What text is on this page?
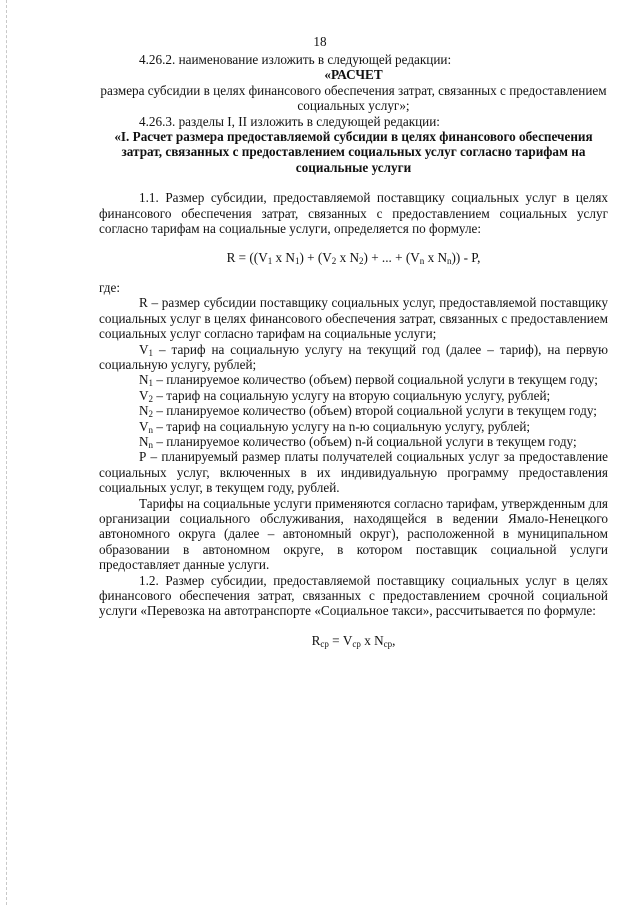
18

4.26.2. наименование изложить в следующей редакции:

«РАСЧЕТ

размера субсидии в целях финансового обеспечения затрат, связанных с предоставлением социальных услуг»;

4.26.3. разделы I, II изложить в следующей редакции:

«I. Расчет размера предоставляемой субсидии в целях финансового обеспечения затрат, связанных с предоставлением социальных услуг согласно тарифам на социальные услуги

1.1. Размер субсидии, предоставляемой поставщику социальных услуг в целях финансового обеспечения затрат, связанных с предоставлением социальных услуг согласно тарифам на социальные услуги, определяется по формуле:

$R = ((V_1$ x $N_1) + (V_2$ x $N_2$) + ... + ($V_n$ x $N_n$)) - P,

где:

R – размер субсидии поставщику социальных услуг, предоставляемой поставщику социальных услуг в целях финансового обеспечения затрат, связанных с предоставлением социальных услуг согласно тарифам на социальные услуги;

$V_1$ – тариф на социальную услугу на текущий год (далее – тариф), на первую социальную услугу, рублей;

$N_1$ – планируемое количество (объем) первой социальной услуги в текущем году;

$V_2$ – тариф на социальную услугу на вторую социальную услугу, рублей;

$N_2$ – планируемое количество (объем) второй социальной услуги в текущем году;

$V_n$ – тариф на социальную услугу на n-ю социальную услугу, рублей;

$N_n$ – планируемое количество (объем) n-й социальной услуги в текущем году;

Р – планируемый размер платы получателей социальных услуг за предоставление социальных услуг, включенных в их индивидуальную программу предоставления социальных услуг, в текущем году, рублей.

Тарифы на социальные услуги применяются согласно тарифам, утвержденным для организации социального обслуживания, находящейся в ведении Ямало-Ненецкого автономного округа (далее – автономный округ), расположенной в муниципальном образовании в автономном округе, в котором поставщик социальной услуги предоставляет данные услуги.

1.2. Размер субсидии, предоставляемой поставщику социальных услуг в целях финансового обеспечения затрат, связанных с предоставлением срочной социальной услуги «Перевозка на автотранспорте «Социальное такси», рассчитывается по формуле:

$R_{ср} = V_{ср}$ x $N_{ср}$,
